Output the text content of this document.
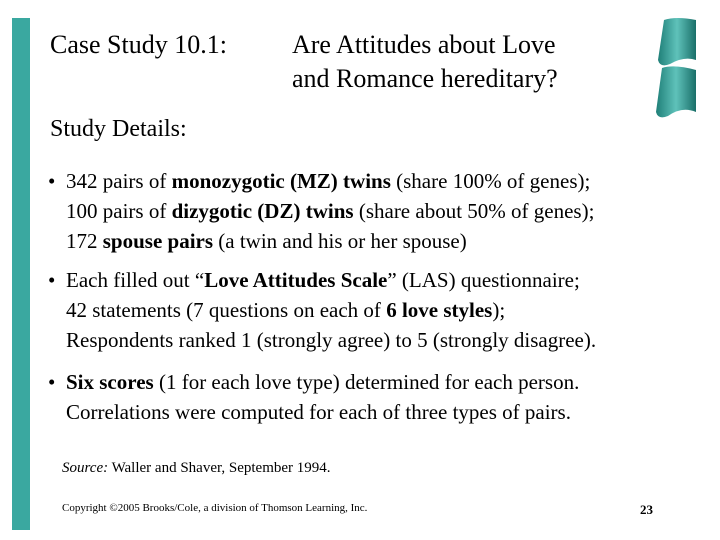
Case Study 10.1:	Are Attitudes about Love
and Romance hereditary?
Study Details:
• 342 pairs of monozygotic (MZ) twins (share 100% of genes);
100 pairs of dizygotic (DZ) twins (share about 50% of genes);
172 spouse pairs (a twin and his or her spouse)
• Each filled out “Love Attitudes Scale” (LAS) questionnaire;
42 statements (7 questions on each of 6 love styles);
Respondents ranked 1 (strongly agree) to 5 (strongly disagree).
• Six scores (1 for each love type) determined for each person.
Correlations were computed for each of three types of pairs.
Source: Waller and Shaver, September 1994.
Copyright ©2005 Brooks/Cole, a division of Thomson Learning, Inc.	23
